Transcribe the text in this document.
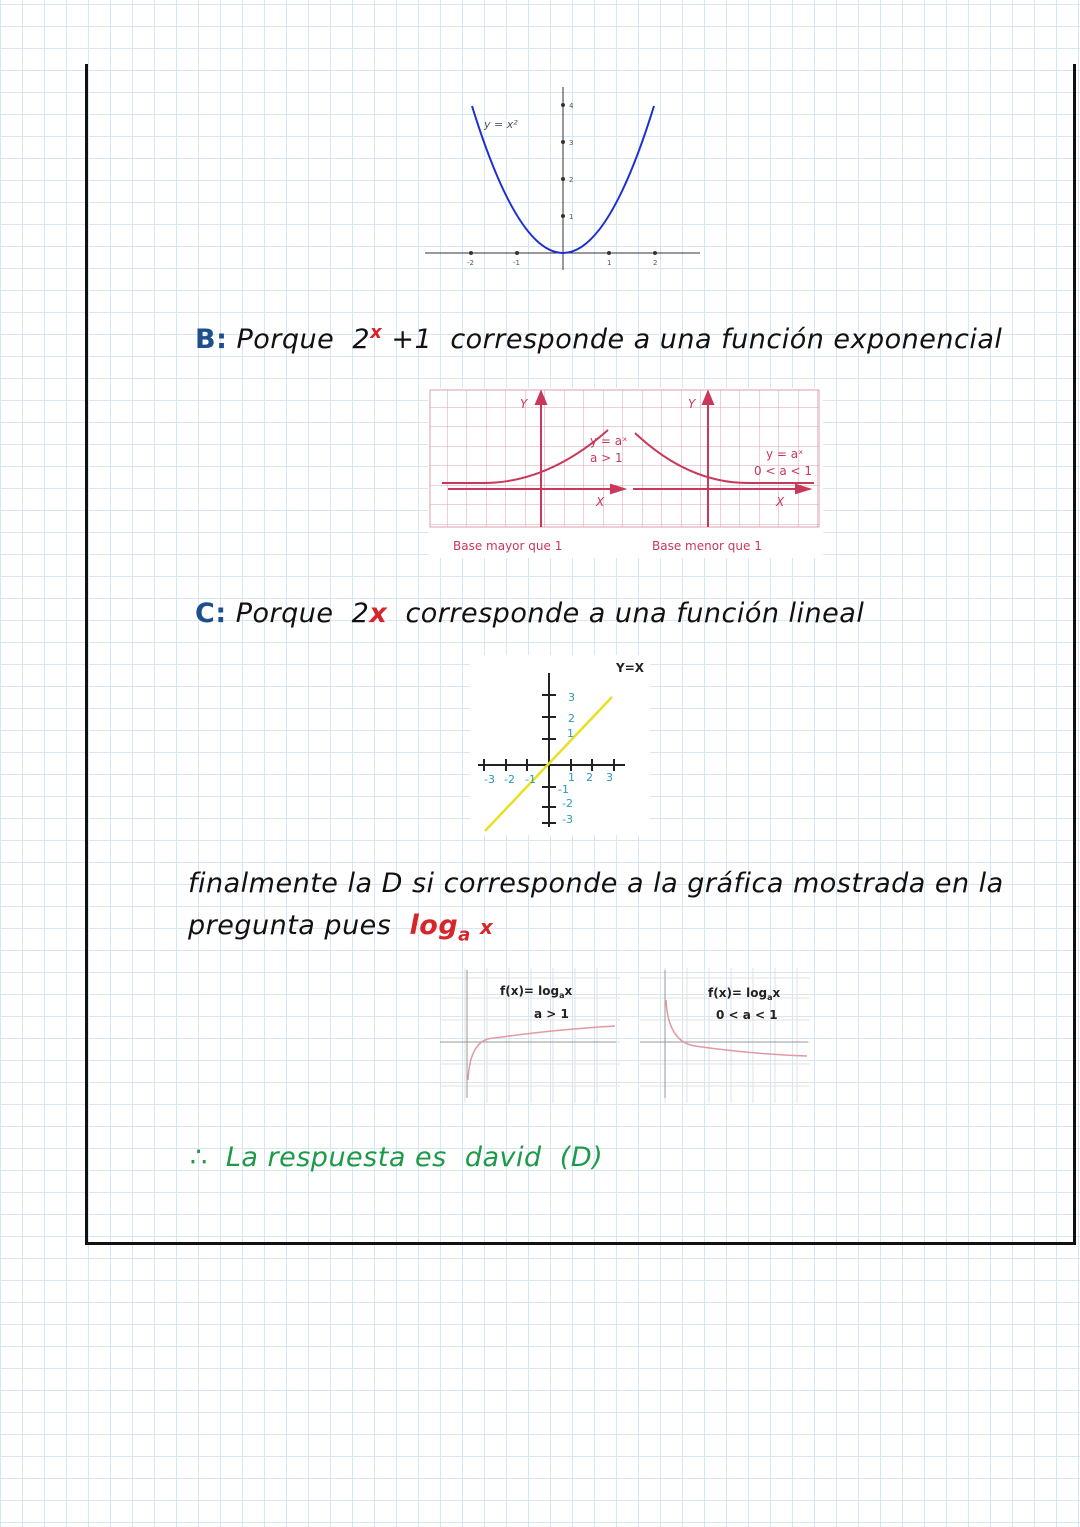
y = x²
-2	-1	1	2
1
2
3
4
B: Porque $2^x +1$ corresponde a una función exponencial
Y
X
y = aˣ
a > 1
Base mayor que 1
Y
X
y = aˣ
0 < a < 1
Base menor que 1
C: Porque 2x corresponde a una función lineal
Y=X
-3 -2 -1	1 2 3
3
2
1
-1
-2
-3
finalmente la D si corresponde a la gráfica mostrada en la
pregunta pues $\log_a x$
$f(x)= \log_ax$
a > 1
$f(x)= \log_ax$
0 < a < 1
∴ La respuesta es david (D)
